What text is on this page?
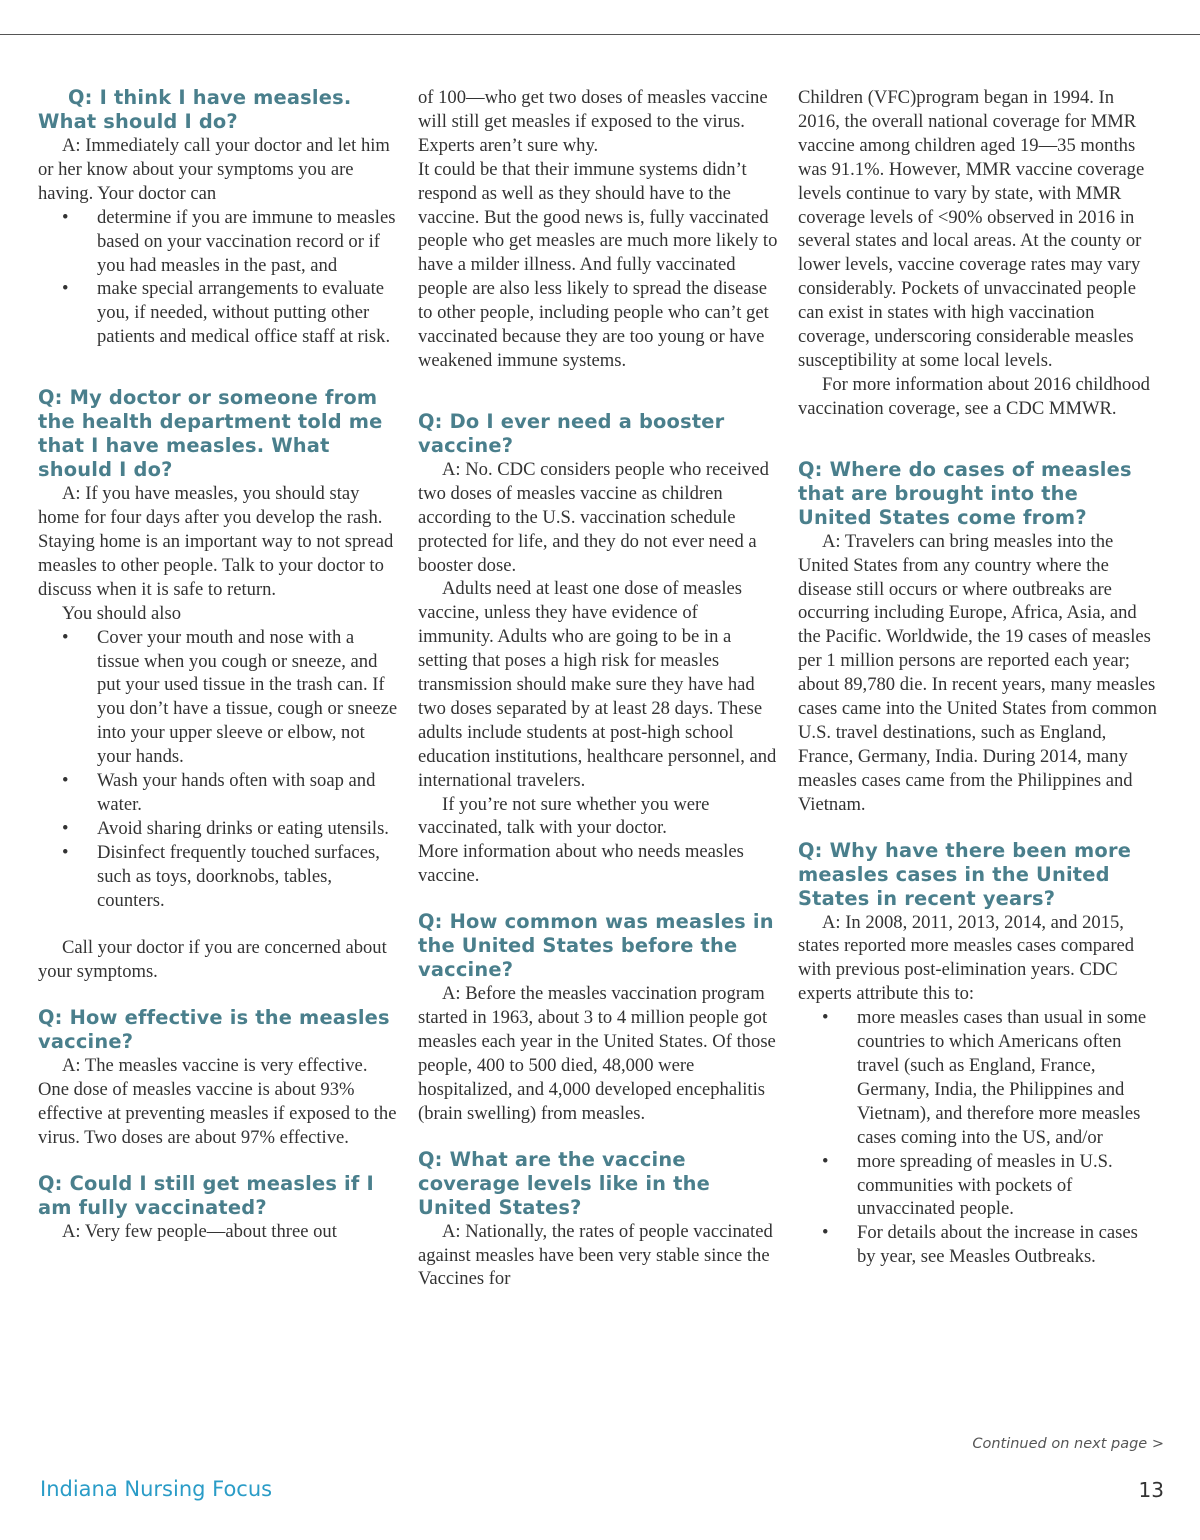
Q: I think I have measles. What should I do?

A: Immediately call your doctor and let him or her know about your symptoms you are having. Your doctor can

• determine if you are immune to measles based on your vaccination record or if you had measles in the past, and
• make special arrangements to evaluate you, if needed, without putting other patients and medical office staff at risk.
Q: My doctor or someone from the health department told me that I have measles. What should I do?

A: If you have measles, you should stay home for four days after you develop the rash. Staying home is an important way to not spread measles to other people. Talk to your doctor to discuss when it is safe to return.

You should also

• Cover your mouth and nose with a tissue when you cough or sneeze, and put your used tissue in the trash can. If you don’t have a tissue, cough or sneeze into your upper sleeve or elbow, not your hands.
• Wash your hands often with soap and water.
• Avoid sharing drinks or eating utensils.
• Disinfect frequently touched surfaces, such as toys, doorknobs, tables, counters.

Call your doctor if you are concerned about your symptoms.

Q: How effective is the measles vaccine?

A: The measles vaccine is very effective. One dose of measles vaccine is about 93% effective at preventing measles if exposed to the virus. Two doses are about 97% effective.

Q: Could I still get measles if I am fully vaccinated?

A: Very few people—about three out

of 100—who get two doses of measles vaccine will still get measles if exposed to the virus. Experts aren’t sure why.

It could be that their immune systems didn’t respond as well as they should have to the vaccine. But the good news is, fully vaccinated people who get measles are much more likely to have a milder illness. And fully vaccinated people are also less likely to spread the disease to other people, including people who can’t get vaccinated because they are too young or have weakened immune systems.

Q: Do I ever need a booster vaccine?

A: No. CDC considers people who received two doses of measles vaccine as children according to the U.S. vaccination schedule protected for life, and they do not ever need a booster dose.

Adults need at least one dose of measles vaccine, unless they have evidence of immunity. Adults who are going to be in a setting that poses a high risk for measles transmission should make sure they have had two doses separated by at least 28 days. These adults include students at post-high school education institutions, healthcare personnel, and international travelers.

If you’re not sure whether you were vaccinated, talk with your doctor.

More information about who needs measles vaccine.

Q: How common was measles in the United States before the vaccine?

A: Before the measles vaccination program started in 1963, about 3 to 4 million people got measles each year in the United States. Of those people, 400 to 500 died, 48,000 were hospitalized, and 4,000 developed encephalitis (brain swelling) from measles.

Q: What are the vaccine coverage levels like in the United States?

A: Nationally, the rates of people vaccinated against measles have been very stable since the Vaccines for

Children (VFC)program began in 1994. In 2016, the overall national coverage for MMR vaccine among children aged 19—35 months was 91.1%. However, MMR vaccine coverage levels continue to vary by state, with MMR coverage levels of <90% observed in 2016 in several states and local areas. At the county or lower levels, vaccine coverage rates may vary considerably. Pockets of unvaccinated people can exist in states with high vaccination coverage, underscoring considerable measles susceptibility at some local levels.

For more information about 2016 childhood vaccination coverage, see a CDC MMWR.

Q: Where do cases of measles that are brought into the United States come from?

A: Travelers can bring measles into the United States from any country where the disease still occurs or where outbreaks are occurring including Europe, Africa, Asia, and the Pacific. Worldwide, the 19 cases of measles per 1 million persons are reported each year; about 89,780 die. In recent years, many measles cases came into the United States from common U.S. travel destinations, such as England, France, Germany, India. During 2014, many measles cases came from the Philippines and Vietnam.

Q: Why have there been more measles cases in the United States in recent years?

A: In 2008, 2011, 2013, 2014, and 2015, states reported more measles cases compared with previous post-elimination years. CDC experts attribute this to:

• more measles cases than usual in some countries to which Americans often travel (such as England, France, Germany, India, the Philippines and Vietnam), and therefore more measles cases coming into the US, and/or
• more spreading of measles in U.S. communities with pockets of unvaccinated people.
• For details about the increase in cases by year, see Measles Outbreaks.
Continued on next page >
Indiana Nursing Focus	13
